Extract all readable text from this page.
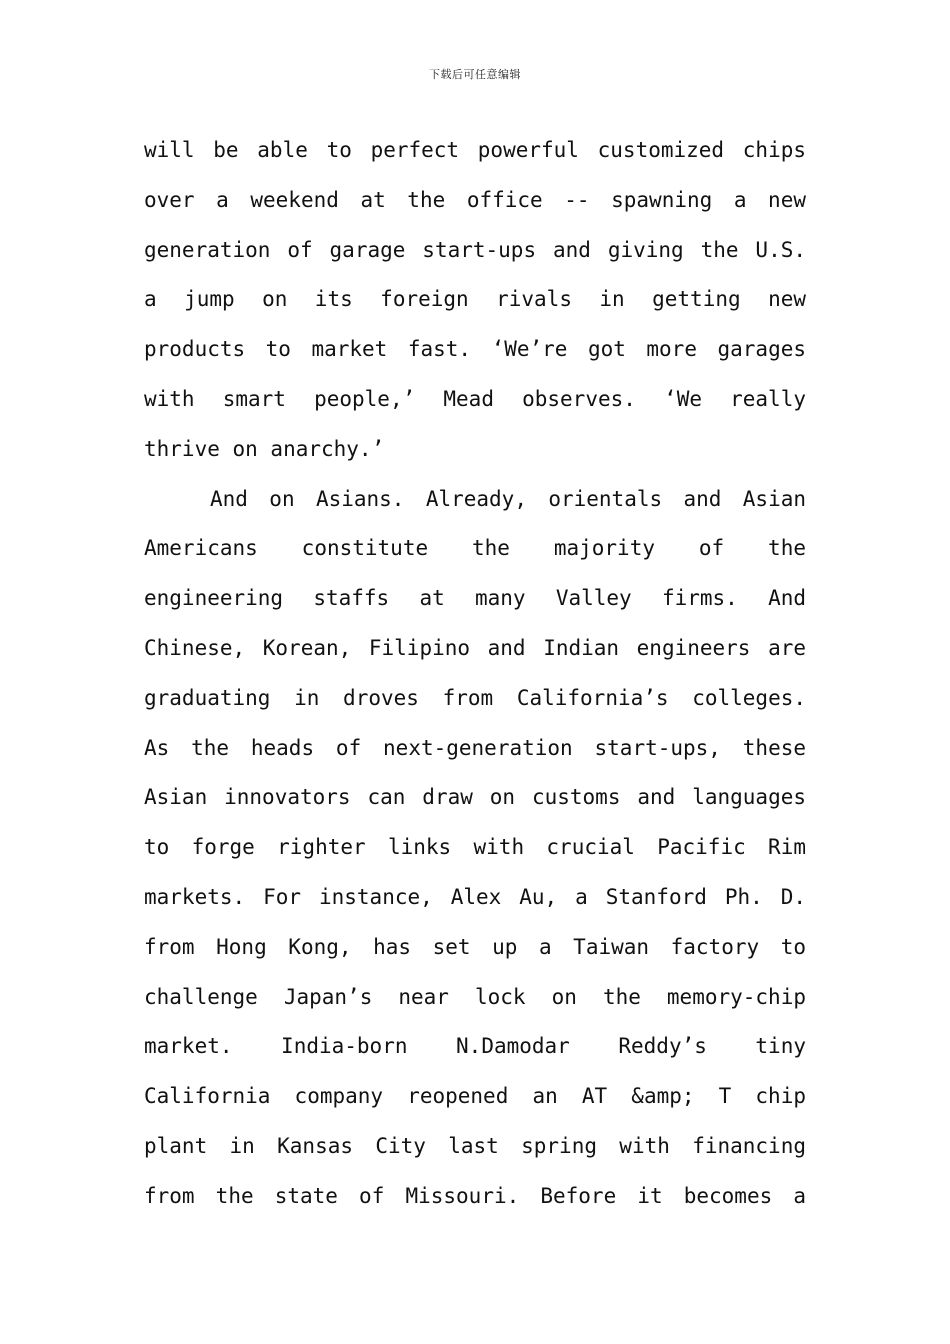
下载后可任意编辑
will be able to perfect powerful customized chips
over a weekend at the office -- spawning a new
generation of garage start-ups and giving the U.S.
a jump on its foreign rivals in getting new
products to market fast. ‘We’re got more garages
with smart people,’ Mead observes. ‘We really
thrive on anarchy.’
And on Asians. Already, orientals and Asian
Americans constitute the majority of the
engineering staffs at many Valley firms. And
Chinese, Korean, Filipino and Indian engineers are
graduating in droves from California’s colleges.
As the heads of next-generation start-ups, these
Asian innovators can draw on customs and languages
to forge righter links with crucial Pacific Rim
markets. For instance, Alex Au, a Stanford Ph. D.
from Hong Kong, has set up a Taiwan factory to
challenge Japan’s near lock on the memory-chip
market. India-born N.Damodar Reddy’s tiny
California company reopened an AT &amp; T chip
plant in Kansas City last spring with financing
from the state of Missouri. Before it becomes a
